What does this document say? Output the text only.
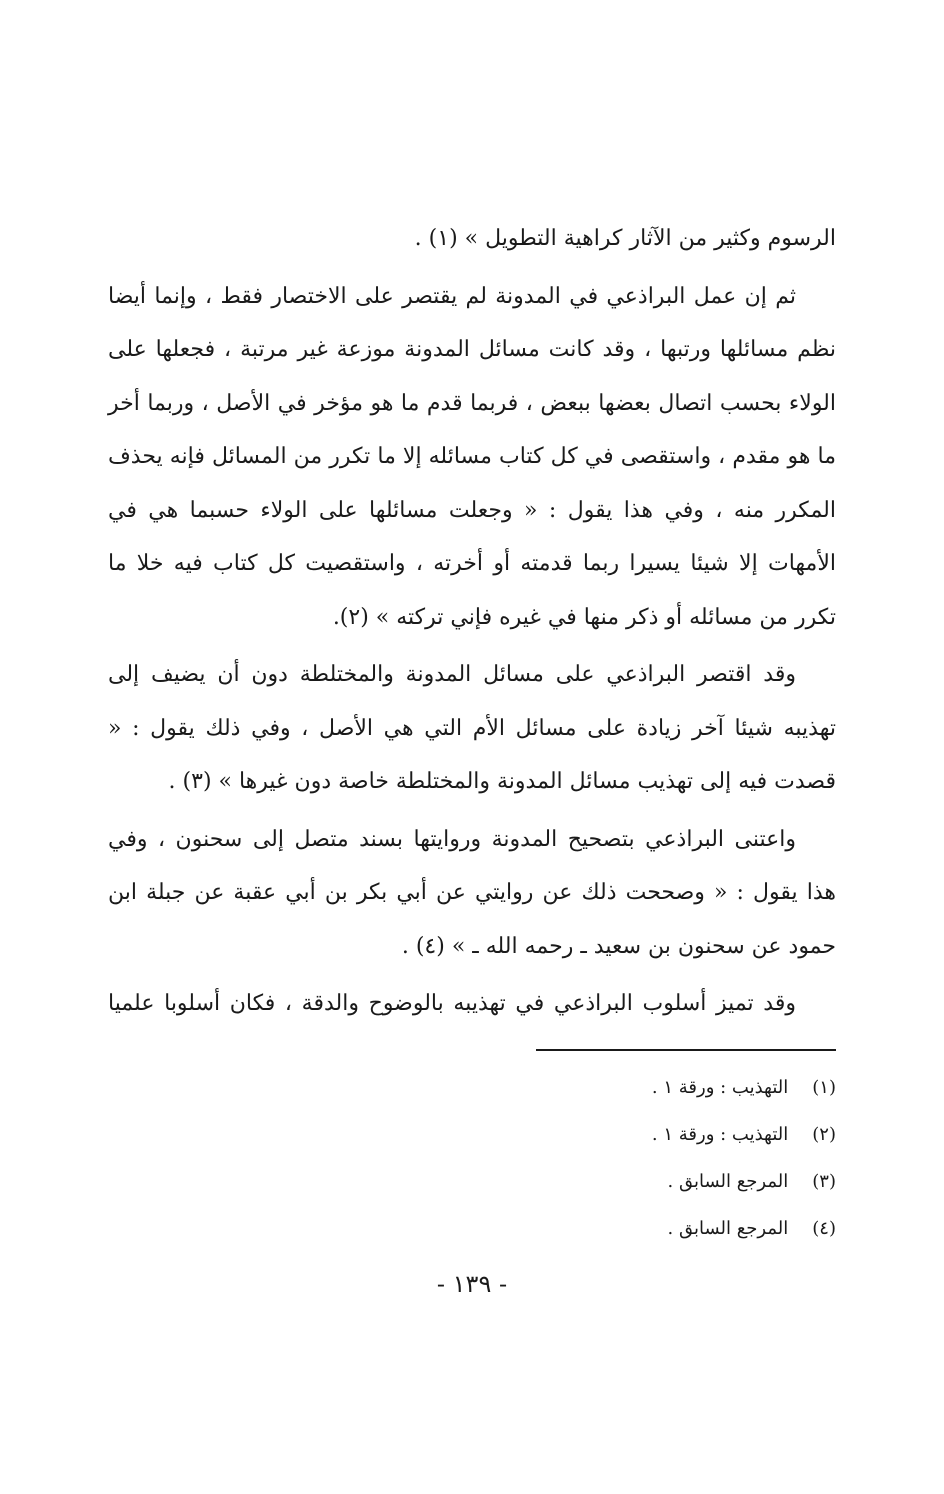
الرسوم وكثير من الآثار كراهية التطويل » (١) .

ثم إن عمل البراذعي في المدونة لم يقتصر على الاختصار فقط ، وإنما أيضا نظم مسائلها ورتبها ، وقد كانت مسائل المدونة موزعة غير مرتبة ، فجعلها على الولاء بحسب اتصال بعضها ببعض ، فربما قدم ما هو مؤخر في الأصل ، وربما أخر ما هو مقدم ، واستقصى في كل كتاب مسائله إلا ما تكرر من المسائل فإنه يحذف المكرر منه ، وفي هذا يقول : « وجعلت مسائلها على الولاء حسبما هي في الأمهات إلا شيئا يسيرا ربما قدمته أو أخرته ، واستقصيت كل كتاب فيه خلا ما تكرر من مسائله أو ذكر منها في غيره فإني تركته » (٢).

وقد اقتصر البراذعي على مسائل المدونة والمختلطة دون أن يضيف إلى تهذيبه شيئا آخر زيادة على مسائل الأم التي هي الأصل ، وفي ذلك يقول : « قصدت فيه إلى تهذيب مسائل المدونة والمختلطة خاصة دون غيرها » (٣) .

واعتنى البراذعي بتصحيح المدونة وروايتها بسند متصل إلى سحنون ، وفي هذا يقول : « وصححت ذلك عن روايتي عن أبي بكر بن أبي عقبة عن جبلة ابن حمود عن سحنون بن سعيد ـ رحمه الله ـ » (٤) .

وقد تميز أسلوب البراذعي في تهذيبه بالوضوح والدقة ، فكان أسلوبا علميا

(١) التهذيب : ورقة ١ .
(٢) التهذيب : ورقة ١ .
(٣) المرجع السابق .
(٤) المرجع السابق .
- ١٣٩ -
